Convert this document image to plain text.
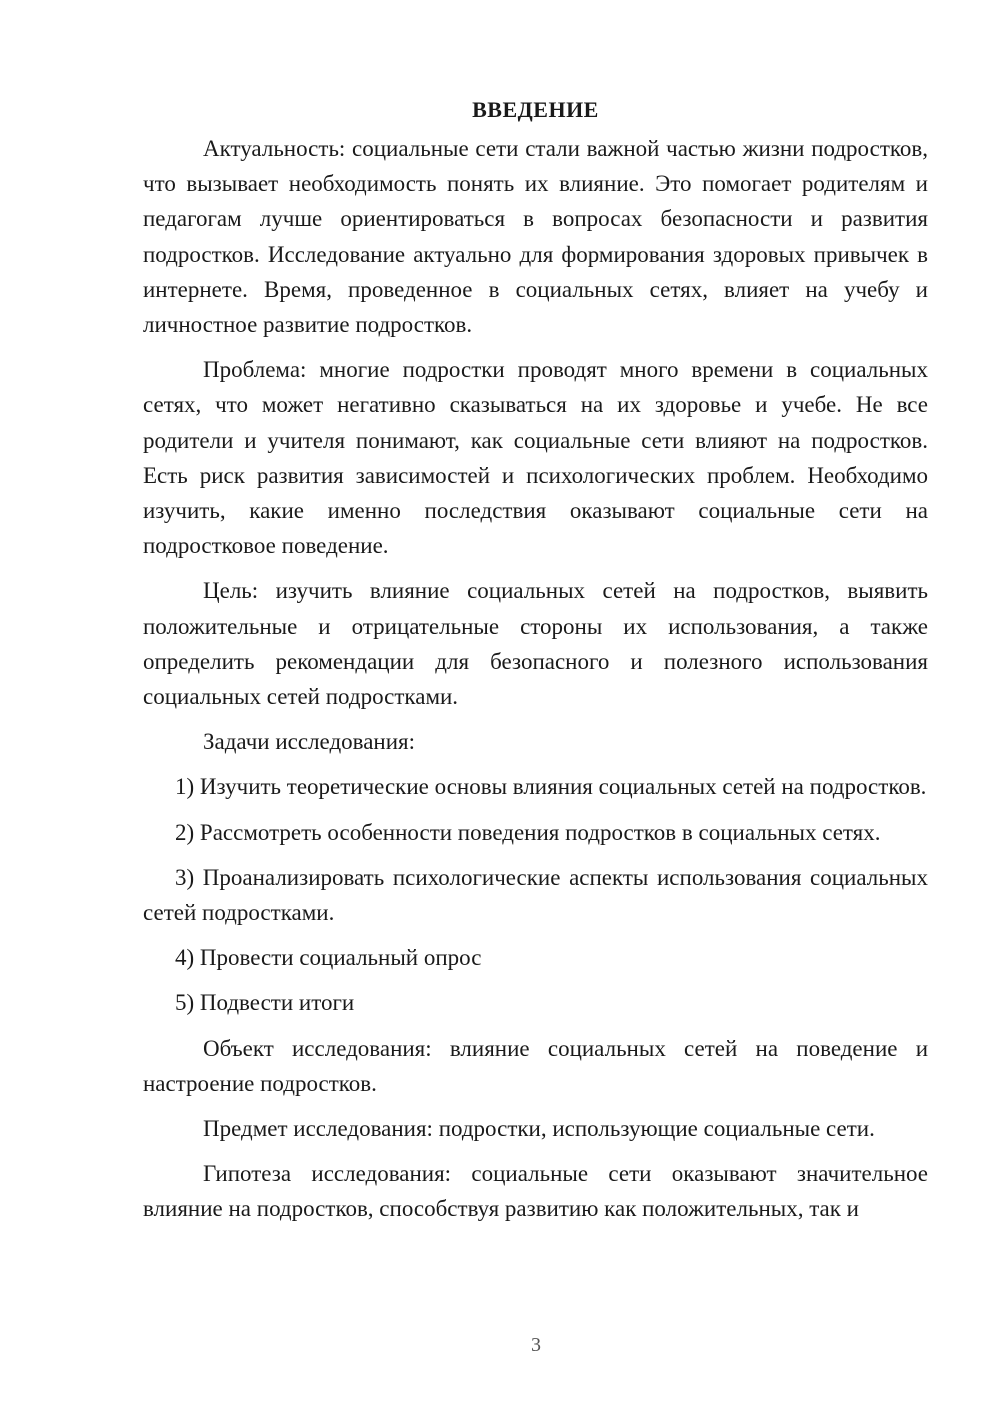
ВВЕДЕНИЕ

Актуальность: социальные сети стали важной частью жизни подростков, что вызывает необходимость понять их влияние. Это помогает родителям и педагогам лучше ориентироваться в вопросах безопасности и развития подростков. Исследование актуально для формирования здоровых привычек в интернете. Время, проведенное в социальных сетях, влияет на учебу и личностное развитие подростков.

Проблема: многие подростки проводят много времени в социальных сетях, что может негативно сказываться на их здоровье и учебе. Не все родители и учителя понимают, как социальные сети влияют на подростков. Есть риск развития зависимостей и психологических проблем. Необходимо изучить, какие именно последствия оказывают социальные сети на подростковое поведение.

Цель: изучить влияние социальных сетей на подростков, выявить положительные и отрицательные стороны их использования, а также определить рекомендации для безопасного и полезного использования социальных сетей подростками.

Задачи исследования:

1) Изучить теоретические основы влияния социальных сетей на подростков.

2) Рассмотреть особенности поведения подростков в социальных сетях.

3) Проанализировать психологические аспекты использования социальных сетей подростками.

4) Провести социальный опрос

5) Подвести итоги

Объект исследования: влияние социальных сетей на поведение и настроение подростков.

Предмет исследования: подростки, использующие социальные сети.

Гипотеза исследования: социальные сети оказывают значительное влияние на подростков, способствуя развитию как положительных, так и

3
